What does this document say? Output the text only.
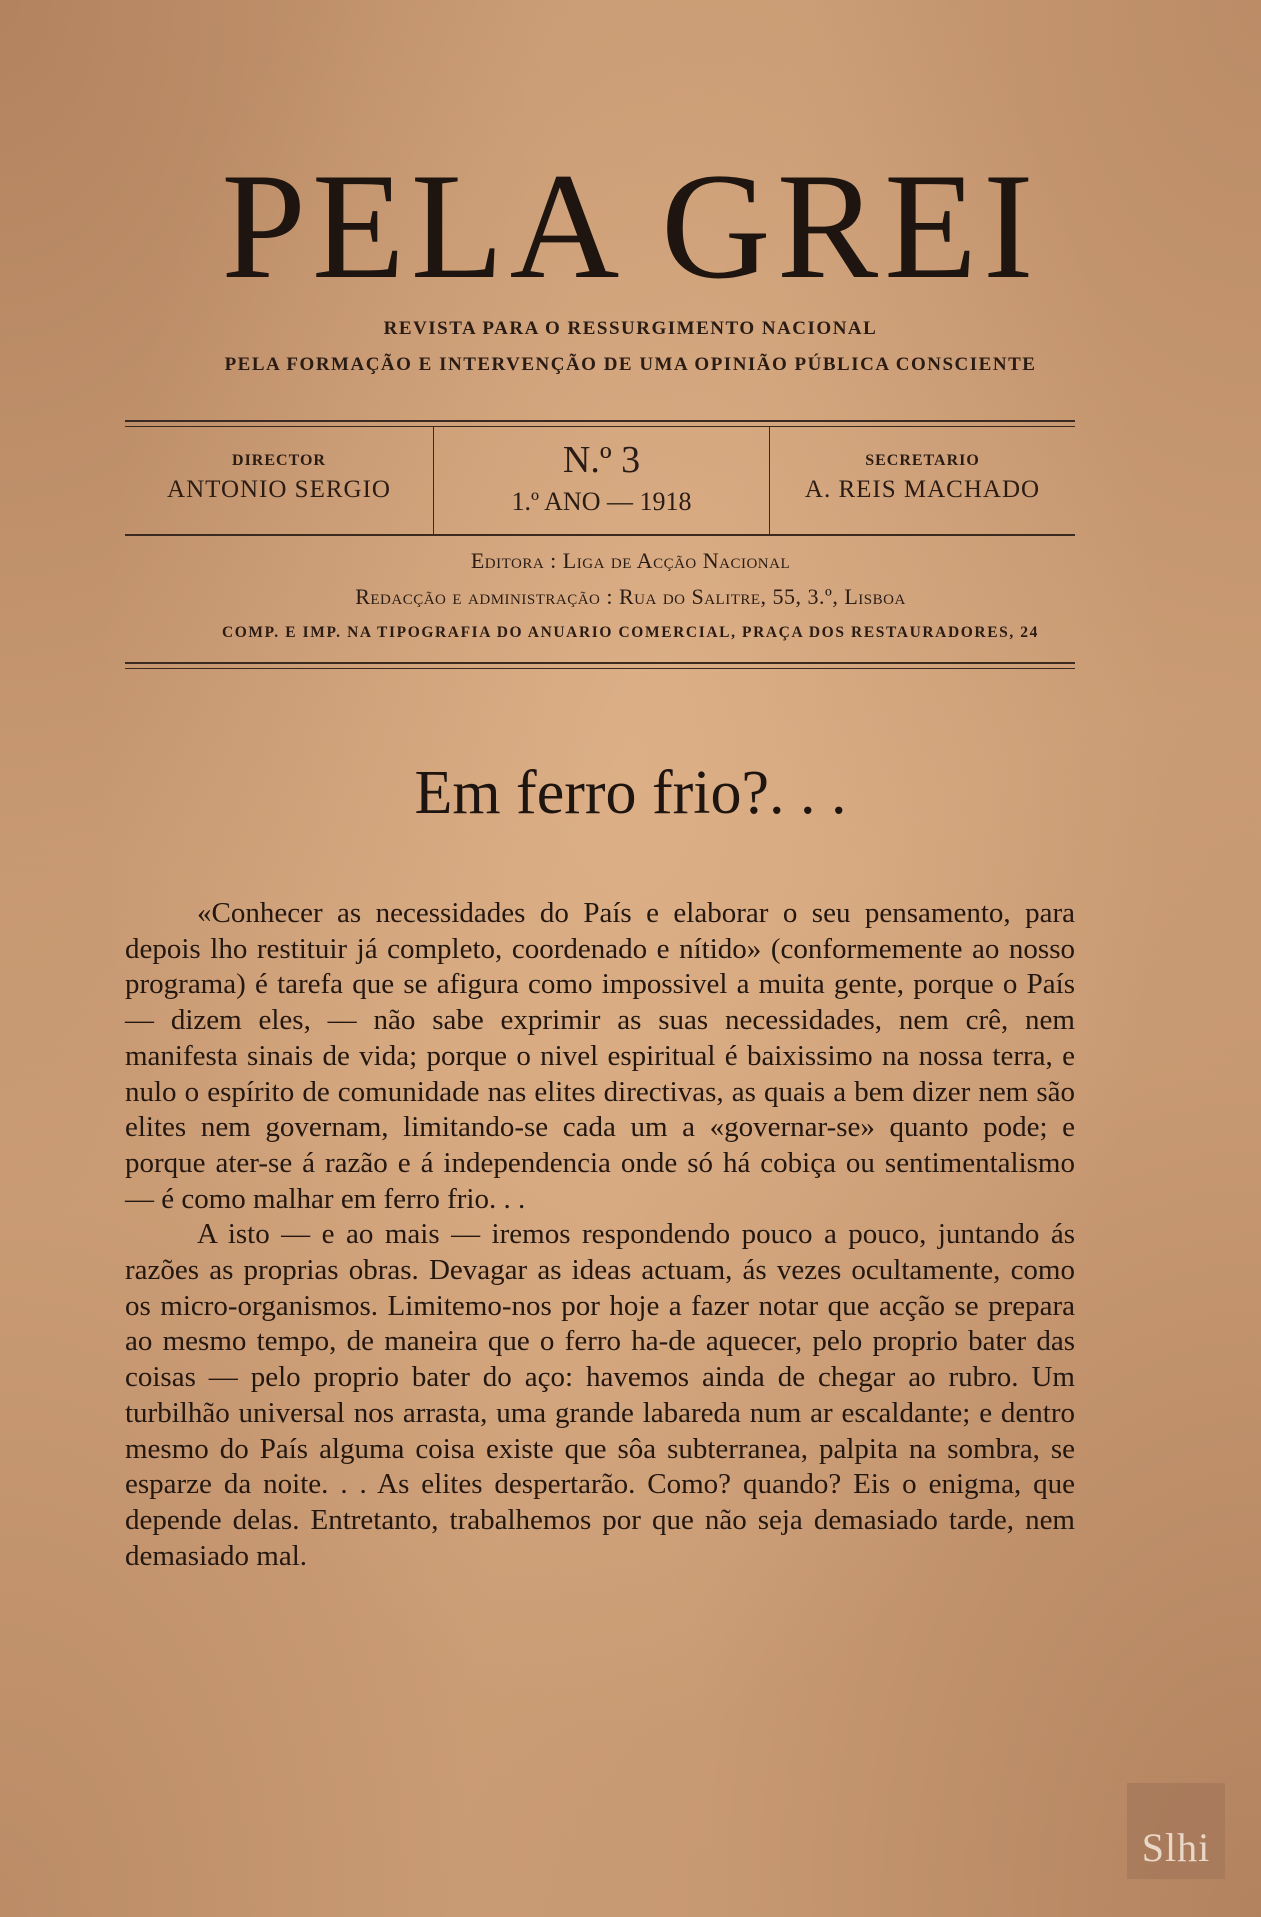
PELA GREI
REVISTA PARA O RESSURGIMENTO NACIONAL
PELA FORMAÇÃO E INTERVENÇÃO DE UMA OPINIÃO PÚBLICA CONSCIENTE
DIRECTOR
ANTONIO SERGIO
N.º 3
1.º ANO — 1918
SECRETARIO
A. REIS MACHADO
Editora : Liga de Acção Nacional
Redacção e administração : Rua do Salitre, 55, 3.º, Lisboa
COMP. E IMP. NA TIPOGRAFIA DO ANUARIO COMERCIAL, PRAÇA DOS RESTAURADORES, 24
Em ferro frio?. . .

«Conhecer as necessidades do País e elaborar o seu pensamento, para depois lho restituir já completo, coordenado e nítido» (conformemente ao nosso programa) é tarefa que se afigura como impossivel a muita gente, porque o País — dizem eles, — não sabe exprimir as suas necessidades, nem crê, nem manifesta sinais de vida; porque o nivel espiritual é baixissimo na nossa terra, e nulo o espírito de comunidade nas elites directivas, as quais a bem dizer nem são elites nem governam, limitando-se cada um a «governar-se» quanto pode; e porque ater-se á razão e á independencia onde só há cobiça ou sentimentalismo — é como malhar em ferro frio. . .

A isto — e ao mais — iremos respondendo pouco a pouco, juntando ás razões as proprias obras. Devagar as ideas actuam, ás vezes ocultamente, como os micro-organismos. Limitemo-nos por hoje a fazer notar que acção se prepara ao mesmo tempo, de maneira que o ferro ha-de aquecer, pelo proprio bater das coisas — pelo proprio bater do aço: havemos ainda de chegar ao rubro. Um turbilhão universal nos arrasta, uma grande labareda num ar escaldante; e dentro mesmo do País alguma coisa existe que sôa subterranea, palpita na sombra, se esparze da noite. . . As elites despertarão. Como? quando? Eis o enigma, que depende delas. Entretanto, trabalhemos por que não seja demasiado tarde, nem demasiado mal.

Slhi
